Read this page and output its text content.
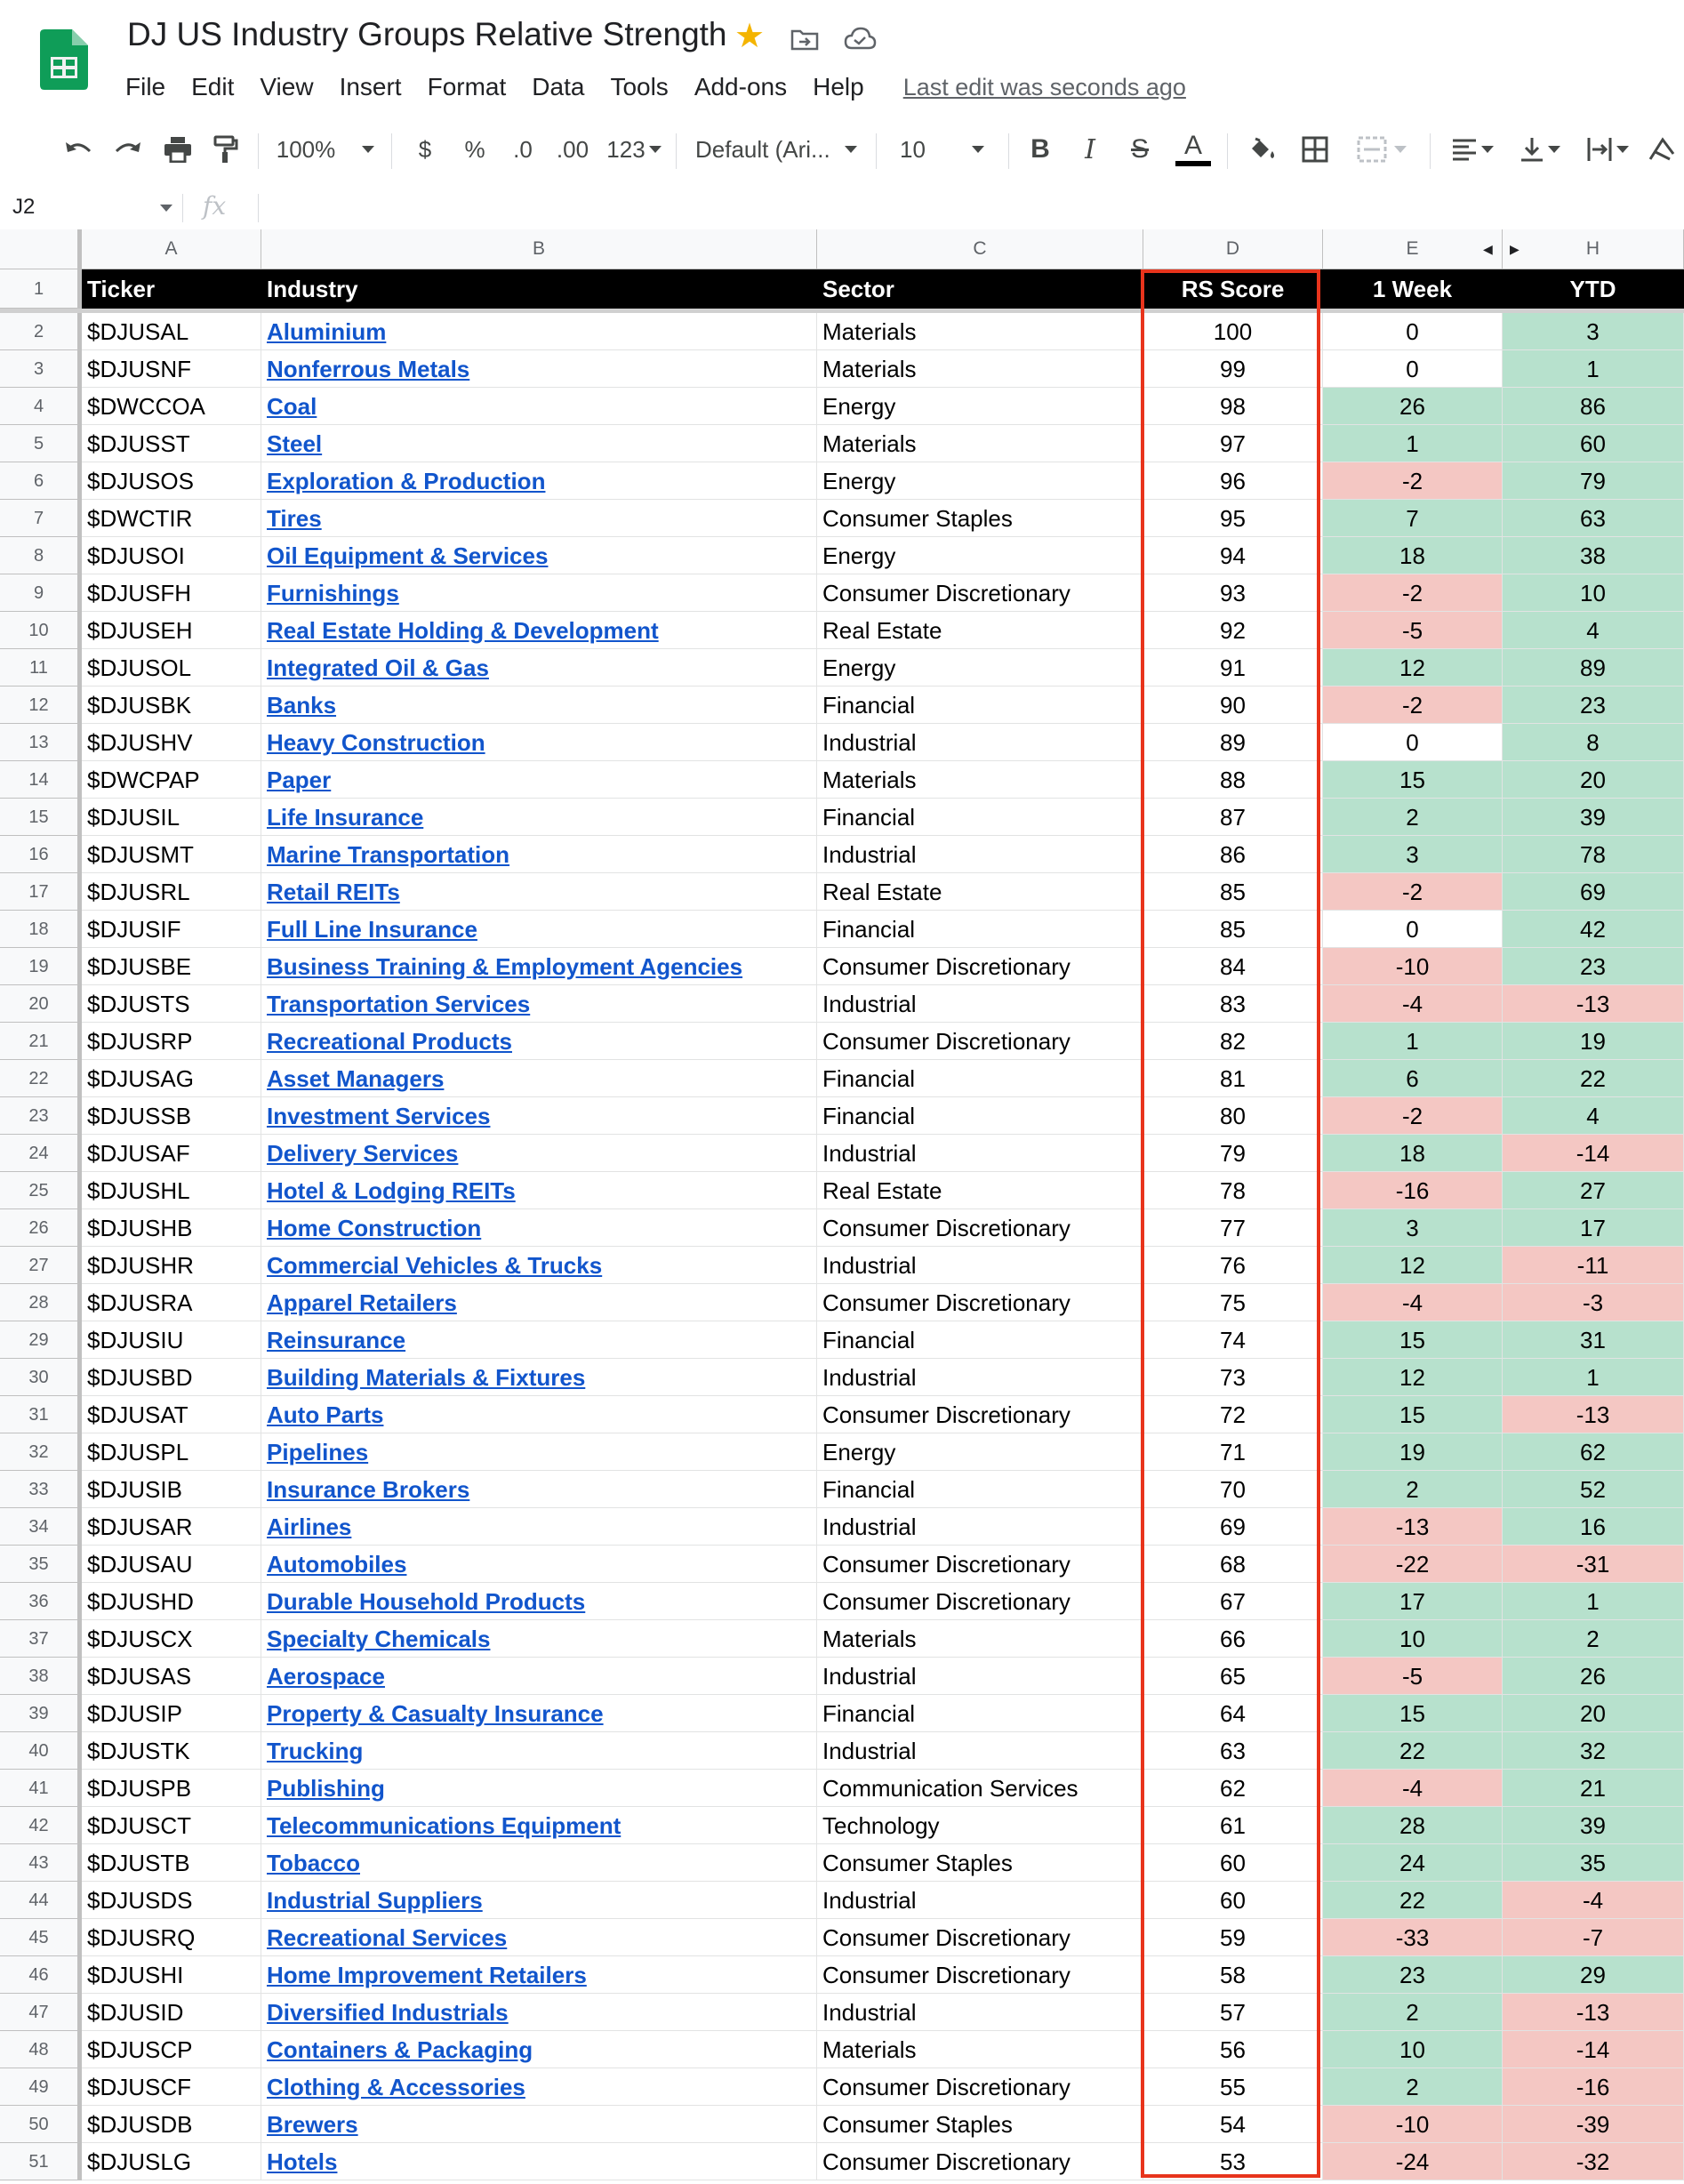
DJ US Industry Groups Relative Strength ★
File Edit View Insert Format Data Tools Add-ons Help Last edit was seconds ago
100%	$	% .0 .00 123 Default (Ari...	10	B	I	S	A
J2	fx
A	B	C	D	E	H
◀ ▶
1	Ticker	Industry	Sector	RS Score	1 Week	YTD
2	$DJUSAL	Aluminium	Materials	100	0	3
3	$DJUSNF	Nonferrous Metals	Materials	99	0	1
4	$DWCCOA	Coal	Energy	98	26	86
5	$DJUSST	Steel	Materials	97	1	60
6	$DJUSOS	Exploration & Production	Energy	96	-2	79
7	$DWCTIR	Tires	Consumer Staples	95	7	63
8	$DJUSOI	Oil Equipment & Services	Energy	94	18	38
9	$DJUSFH	Furnishings	Consumer Discretionary	93	-2	10
10	$DJUSEH	Real Estate Holding & Development	Real Estate	92	-5	4
11	$DJUSOL	Integrated Oil & Gas	Energy	91	12	89
12	$DJUSBK	Banks	Financial	90	-2	23
13	$DJUSHV	Heavy Construction	Industrial	89	0	8
14	$DWCPAP	Paper	Materials	88	15	20
15	$DJUSIL	Life Insurance	Financial	87	2	39
16	$DJUSMT	Marine Transportation	Industrial	86	3	78
17	$DJUSRL	Retail REITs	Real Estate	85	-2	69
18	$DJUSIF	Full Line Insurance	Financial	85	0	42
19	$DJUSBE	Business Training & Employment Agencies	Consumer Discretionary	84	-10	23
20	$DJUSTS	Transportation Services	Industrial	83	-4	-13
21	$DJUSRP	Recreational Products	Consumer Discretionary	82	1	19
22	$DJUSAG	Asset Managers	Financial	81	6	22
23	$DJUSSB	Investment Services	Financial	80	-2	4
24	$DJUSAF	Delivery Services	Industrial	79	18	-14
25	$DJUSHL	Hotel & Lodging REITs	Real Estate	78	-16	27
26	$DJUSHB	Home Construction	Consumer Discretionary	77	3	17
27	$DJUSHR	Commercial Vehicles & Trucks	Industrial	76	12	-11
28	$DJUSRA	Apparel Retailers	Consumer Discretionary	75	-4	-3
29	$DJUSIU	Reinsurance	Financial	74	15	31
30	$DJUSBD	Building Materials & Fixtures	Industrial	73	12	1
31	$DJUSAT	Auto Parts	Consumer Discretionary	72	15	-13
32	$DJUSPL	Pipelines	Energy	71	19	62
33	$DJUSIB	Insurance Brokers	Financial	70	2	52
34	$DJUSAR	Airlines	Industrial	69	-13	16
35	$DJUSAU	Automobiles	Consumer Discretionary	68	-22	-31
36	$DJUSHD	Durable Household Products	Consumer Discretionary	67	17	1
37	$DJUSCX	Specialty Chemicals	Materials	66	10	2
38	$DJUSAS	Aerospace	Industrial	65	-5	26
39	$DJUSIP	Property & Casualty Insurance	Financial	64	15	20
40	$DJUSTK	Trucking	Industrial	63	22	32
41	$DJUSPB	Publishing	Communication Services	62	-4	21
42	$DJUSCT	Telecommunications Equipment	Technology	61	28	39
43	$DJUSTB	Tobacco	Consumer Staples	60	24	35
44	$DJUSDS	Industrial Suppliers	Industrial	60	22	-4
45	$DJUSRQ	Recreational Services	Consumer Discretionary	59	-33	-7
46	$DJUSHI	Home Improvement Retailers	Consumer Discretionary	58	23	29
47	$DJUSID	Diversified Industrials	Industrial	57	2	-13
48	$DJUSCP	Containers & Packaging	Materials	56	10	-14
49	$DJUSCF	Clothing & Accessories	Consumer Discretionary	55	2	-16
50	$DJUSDB	Brewers	Consumer Staples	54	-10	-39
51	$DJUSLG	Hotels	Consumer Discretionary	53	-24	-32
